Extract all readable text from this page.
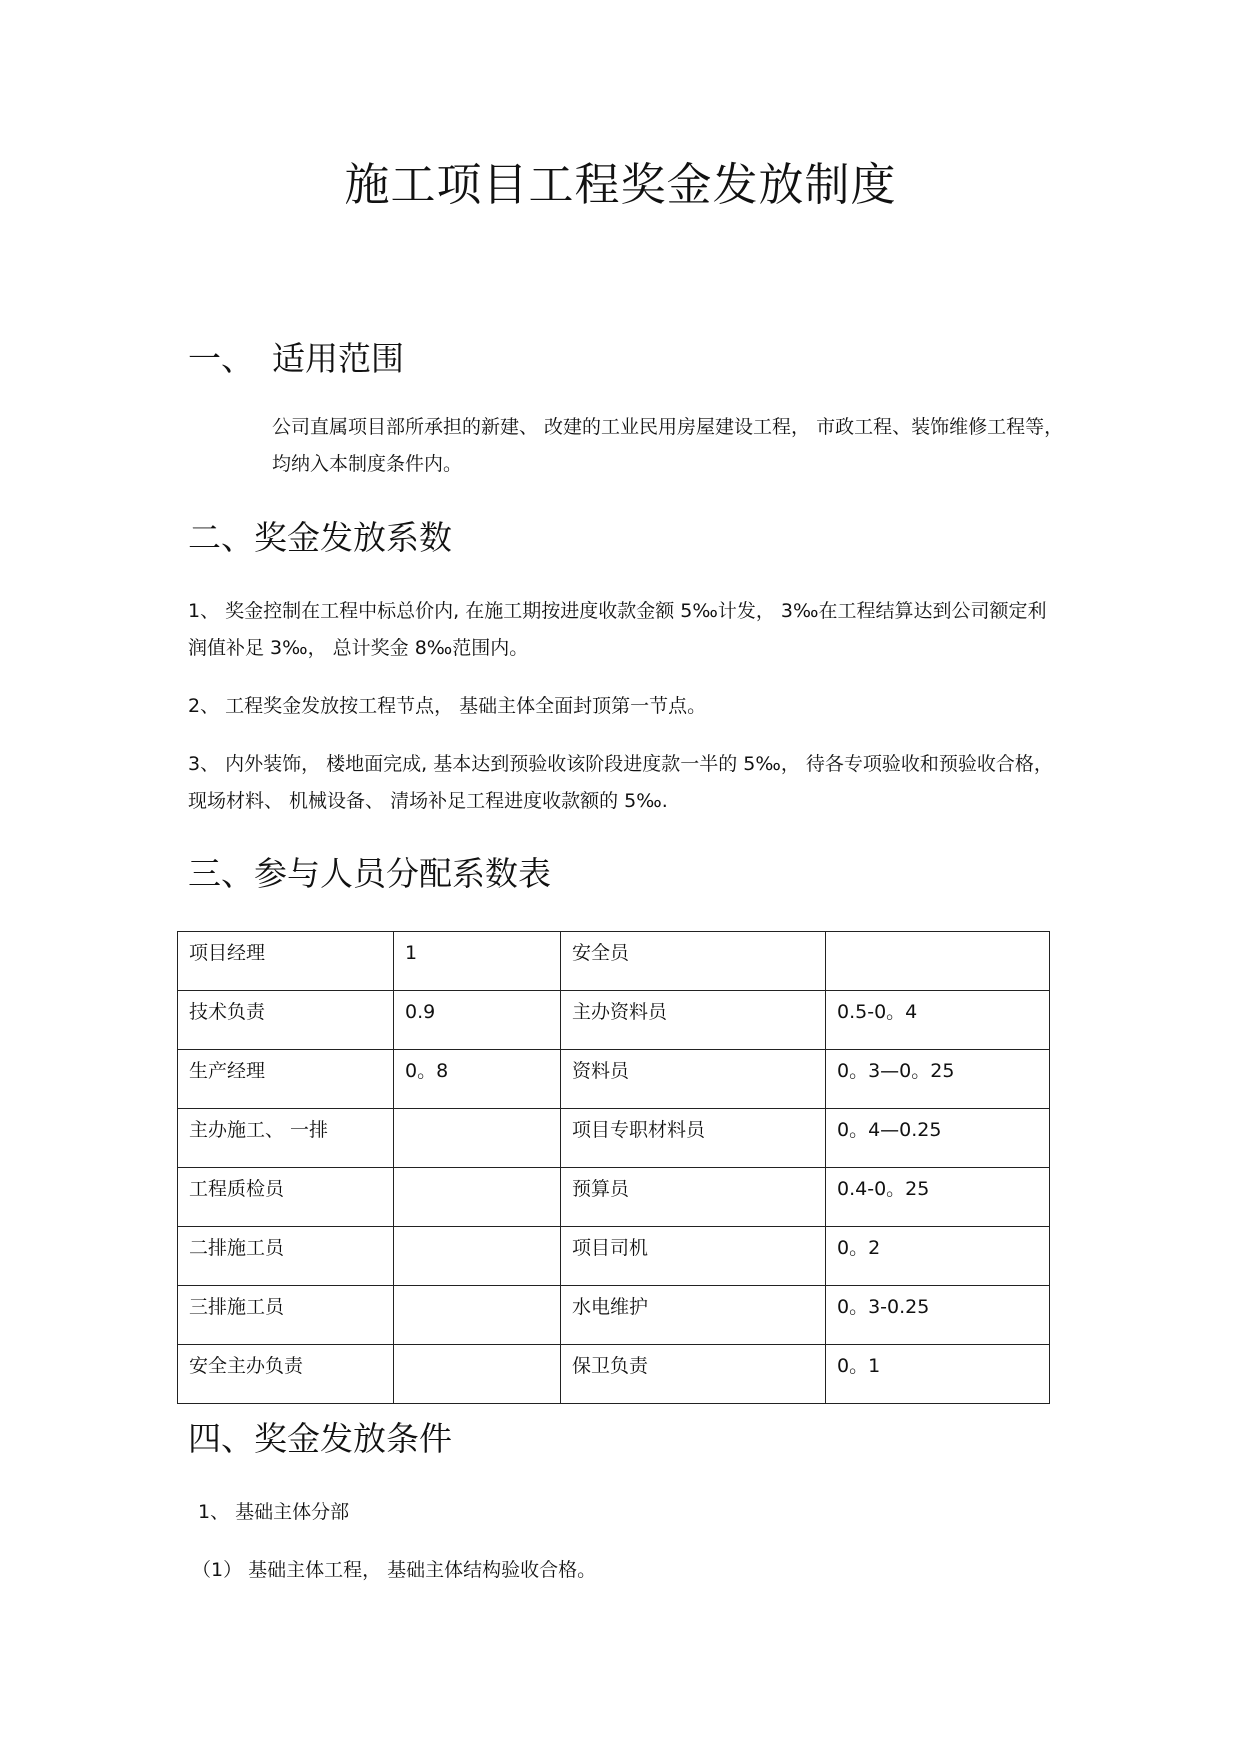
施工项目工程奖金发放制度
一、 适用范围

公司直属项目部所承担的新建、 改建的工业民用房屋建设工程， 市政工程、装饰维修工程等，

均纳入本制度条件内。

二、奖金发放系数

1、 奖金控制在工程中标总价内, 在施工期按进度收款金额 5‰计发， 3‰在工程结算达到公司额定利

润值补足 3‰， 总计奖金 8‰范围内。

2、 工程奖金发放按工程节点， 基础主体全面封顶第一节点。

3、 内外装饰， 楼地面完成, 基本达到预验收该阶段进度款一半的 5‰， 待各专项验收和预验收合格，

现场材料、 机械设备、 清场补足工程进度收款额的 5‰.

三、参与人员分配系数表
项目经理	1	安全员	
技术负责	0.9	主办资料员	0.5-0。4
生产经理	0。8	资料员	0。3—0。25
主办施工、 一排		项目专职材料员	0。4—0.25
工程质检员		预算员	0.4-0。25
二排施工员		项目司机	0。2
三排施工员		水电维护	0。3-0.25
安全主办负责		保卫负责	0。1
四、奖金发放条件

1、 基础主体分部

（1） 基础主体工程， 基础主体结构验收合格。
